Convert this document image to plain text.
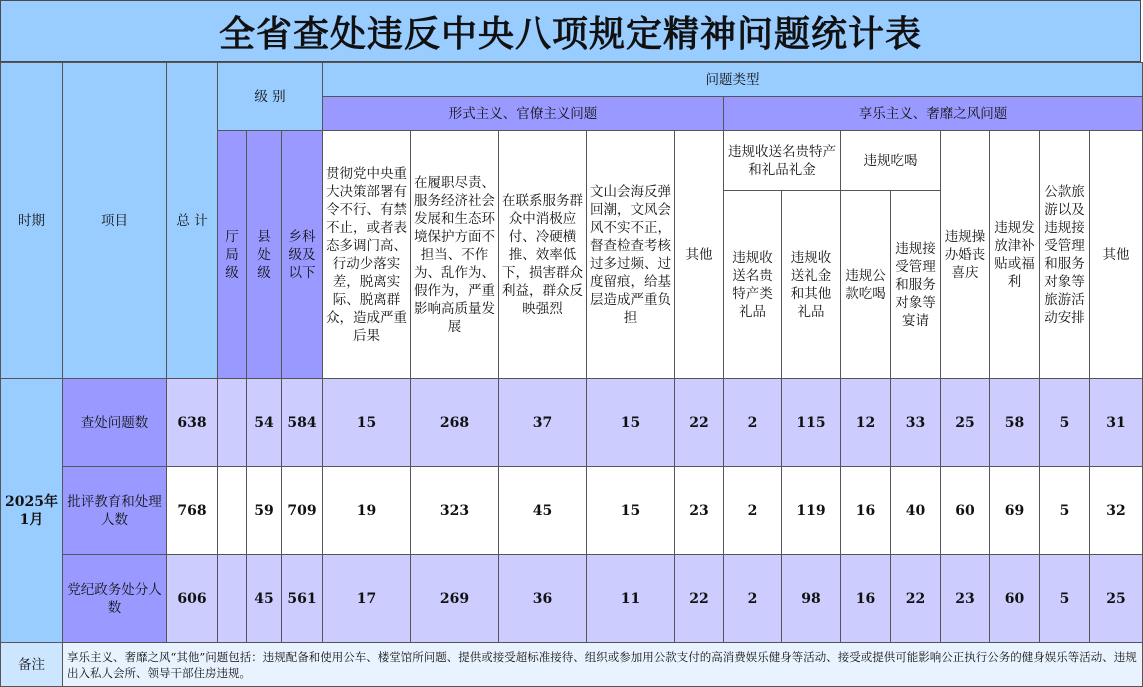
全省查处违反中央八项规定精神问题统计表
时期	项目	总 计	级 别			问题类型												
						形式主义、官僚主义问题					享乐主义、奢靡之风问题							
			厅局级	县处级	乡科级及以下	贯彻党中央重大决策部署有令不行、有禁不止，或者表态多调门高、行动少落实差，脱离实际、脱离群众，造成严重后果	在履职尽责、服务经济社会发展和生态环境保护方面不担当、不作为、乱作为、假作为，严重影响高质量发展	在联系服务群众中消极应付、冷硬横推、效率低下，损害群众利益，群众反映强烈	文山会海反弹回潮，文风会风不实不正，督查检查考核过多过频、过度留痕，给基层造成严重负担	其他	违规收送名贵特产和礼品礼金		违规吃喝		违规操办婚丧喜庆	违规发放津补贴或福利	公款旅游以及违规接受管理和服务对象等旅游活动安排	其他
											违规收送名贵特产类礼品	违规收送礼金和其他礼品	违规公款吃喝	违规接受管理和服务对象等宴请				
2025年1月	查处问题数	638		54	584	15	268	37	15	22	2	115	12	33	25	58	5	31
	批评教育和处理人数	768		59	709	19	323	45	15	23	2	119	16	40	60	69	5	32
	党纪政务处分人数	606		45	561	17	269	36	11	22	2	98	16	22	23	60	5	25
备注	享乐主义、奢靡之风“其他”问题包括：违规配备和使用公车、楼堂馆所问题、提供或接受超标准接待、组织或参加用公款支付的高消费娱乐健身等活动、接受或提供可能影响公正执行公务的健身娱乐等活动、违规出入私人会所、领导干部住房违规。																	
